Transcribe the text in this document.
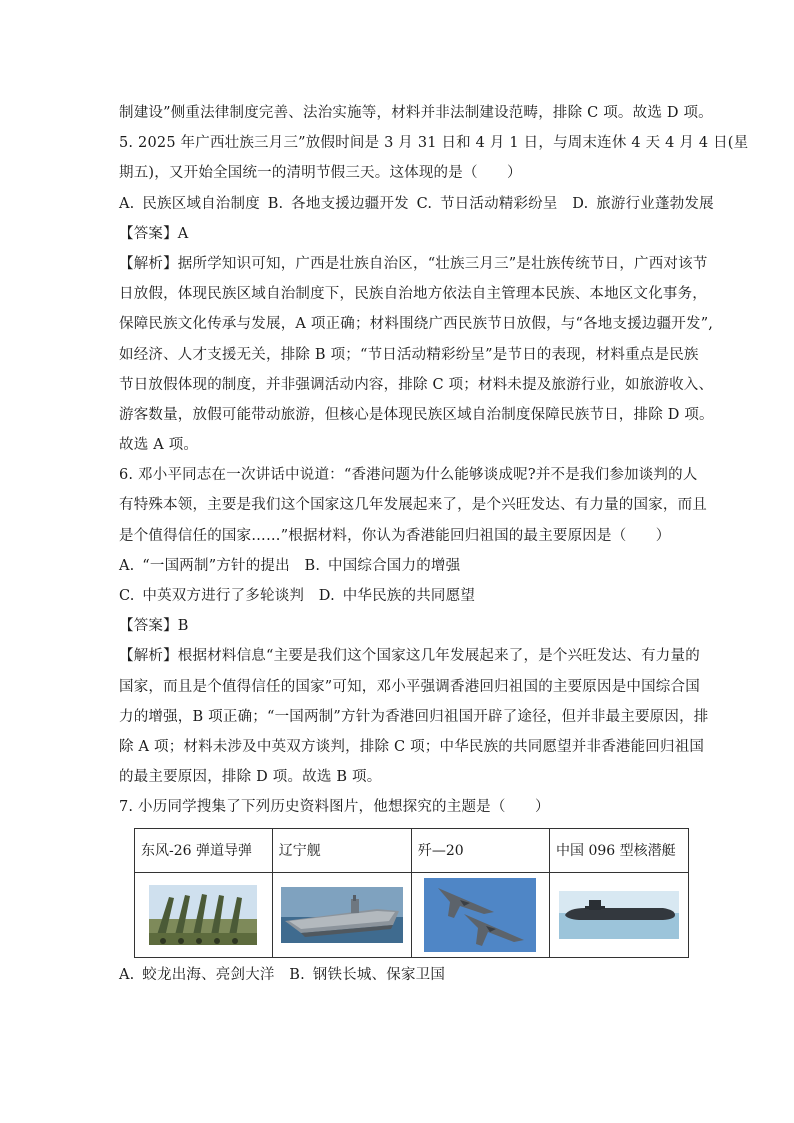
制建设”侧重法律制度完善、法治实施等，材料并非法制建设范畴，排除 C 项。故选 D 项。
5. 2025 年广西壮族三月三”放假时间是 3 月 31 日和 4 月 1 日，与周末连休 4 天 4 月 4 日(星
期五)，又开始全国统一的清明节假三天。这体现的是（　　）
A. 民族区域自治制度 B. 各地支援边疆开发 C. 节日活动精彩纷呈　D. 旅游行业蓬勃发展
【答案】A
【解析】据所学知识可知，广西是壮族自治区，“壮族三月三”是壮族传统节日，广西对该节
日放假，体现民族区域自治制度下，民族自治地方依法自主管理本民族、本地区文化事务，
保障民族文化传承与发展，A 项正确；材料围绕广西民族节日放假，与“各地支援边疆开发”,
如经济、人才支援无关，排除 B 项；“节日活动精彩纷呈”是节日的表现，材料重点是民族
节日放假体现的制度，并非强调活动内容，排除 C 项；材料未提及旅游行业，如旅游收入、
游客数量，放假可能带动旅游，但核心是体现民族区域自治制度保障民族节日，排除 D 项。
故选 A 项。
6. 邓小平同志在一次讲话中说道：“香港问题为什么能够谈成呢?并不是我们参加谈判的人
有特殊本领，主要是我们这个国家这几年发展起来了，是个兴旺发达、有力量的国家，而且
是个值得信任的国家……”根据材料，你认为香港能回归祖国的最主要原因是（　　）
A. “一国两制”方针的提出　B. 中国综合国力的增强
C. 中英双方进行了多轮谈判　D. 中华民族的共同愿望
【答案】B
【解析】根据材料信息“主要是我们这个国家这几年发展起来了，是个兴旺发达、有力量的
国家，而且是个值得信任的国家”可知，邓小平强调香港回归祖国的主要原因是中国综合国
力的增强，B 项正确；“一国两制”方针为香港回归祖国开辟了途径，但并非最主要原因，排
除 A 项；材料未涉及中英双方谈判，排除 C 项；中华民族的共同愿望并非香港能回归祖国
的最主要原因，排除 D 项。故选 B 项。
7. 小历同学搜集了下列历史资料图片，他想探究的主题是（　　）
东风-26 弹道导弹	辽宁舰	歼—20	中国 096 型核潜艇

A. 蛟龙出海、亮剑大洋　B. 钢铁长城、保家卫国
